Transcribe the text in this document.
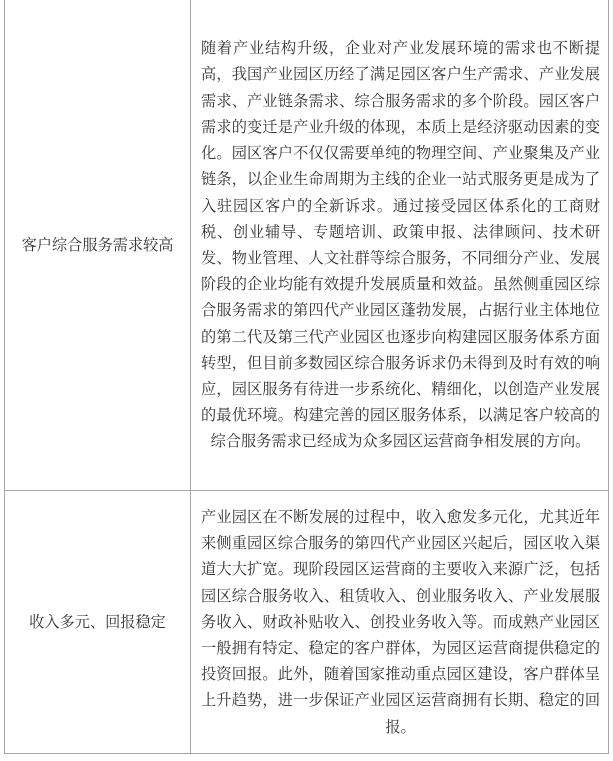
客户综合服务需求较高	随着产业结构升级，企业对产业发展环境的需求也不断提高，我国产业园区历经了满足园区客户生产需求、产业发展需求、产业链条需求、综合服务需求的多个阶段。园区客户需求的变迁是产业升级的体现，本质上是经济驱动因素的变化。园区客户不仅仅需要单纯的物理空间、产业聚集及产业链条，以企业生命周期为主线的企业一站式服务更是成为了入驻园区客户的全新诉求。通过接受园区体系化的工商财税、创业辅导、专题培训、政策申报、法律顾问、技术研发、物业管理、人文社群等综合服务，不同细分产业、发展阶段的企业均能有效提升发展质量和效益。虽然侧重园区综合服务需求的第四代产业园区蓬勃发展，占据行业主体地位的第二代及第三代产业园区也逐步向构建园区服务体系方面转型，但目前多数园区综合服务诉求仍未得到及时有效的响应，园区服务有待进一步系统化、精细化，以创造产业发展的最优环境。构建完善的园区服务体系，以满足客户较高的综合服务需求已经成为众多园区运营商争相发展的方向。
收入多元、回报稳定	产业园区在不断发展的过程中，收入愈发多元化，尤其近年来侧重园区综合服务的第四代产业园区兴起后，园区收入渠道大大扩宽。现阶段园区运营商的主要收入来源广泛，包括园区综合服务收入、租赁收入、创业服务收入、产业发展服务收入、财政补贴收入、创投业务收入等。而成熟产业园区一般拥有特定、稳定的客户群体，为园区运营商提供稳定的投资回报。此外，随着国家推动重点园区建设，客户群体呈上升趋势，进一步保证产业园区运营商拥有长期、稳定的回报。
